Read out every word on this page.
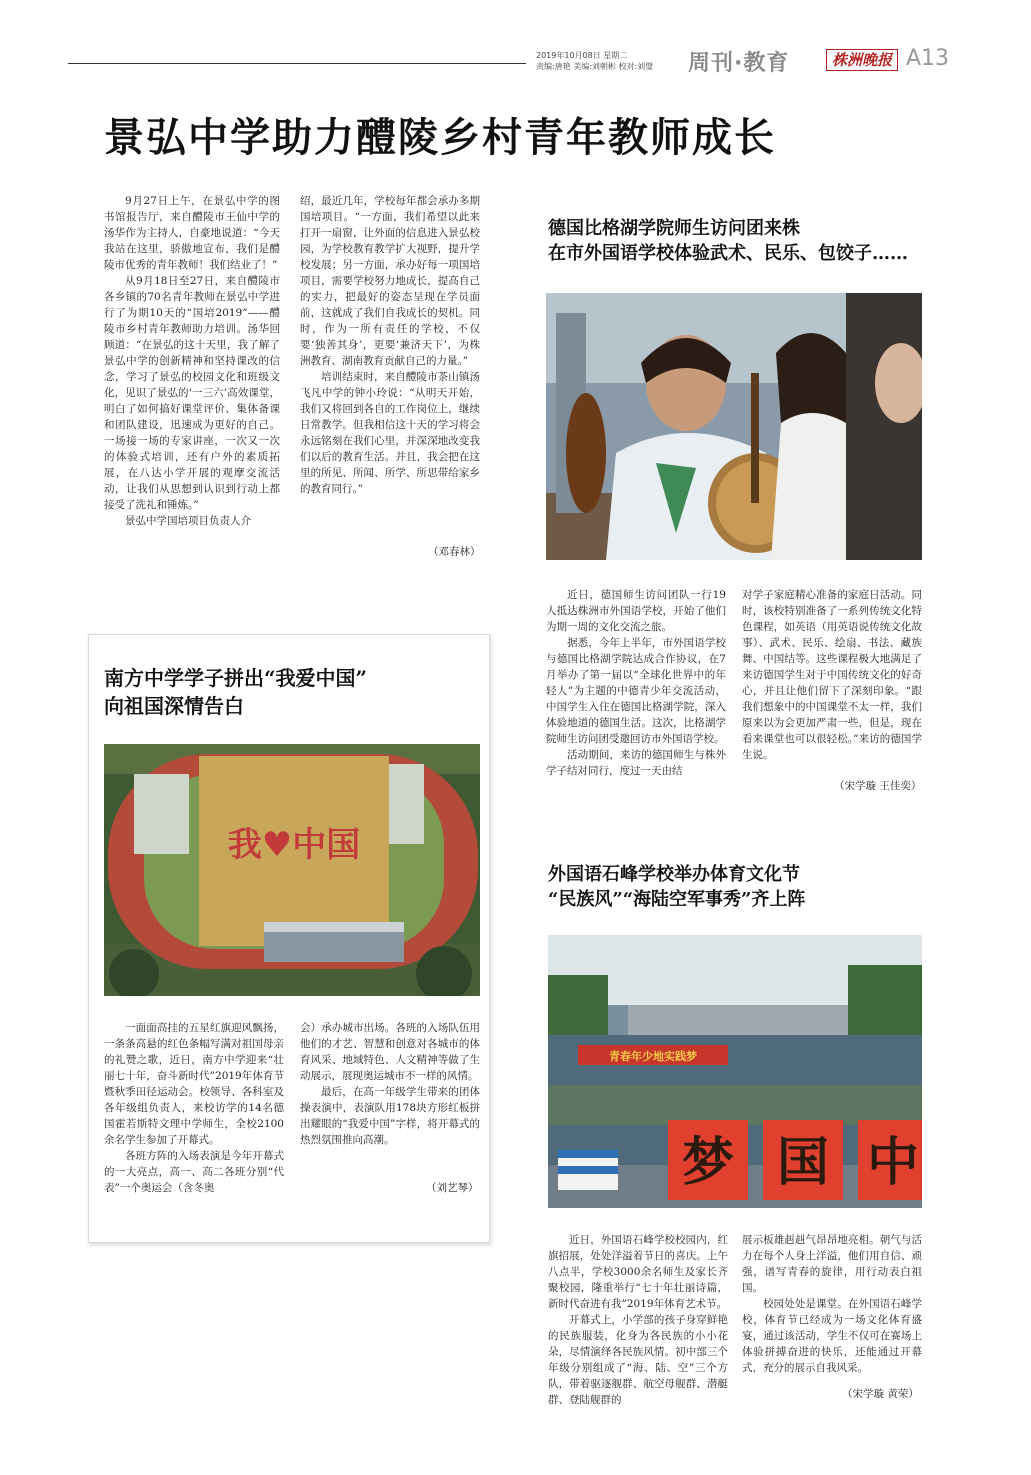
2019年10月08日 星期二
责编:唐艳 美编:刘朝彬 校对:刘璧	周刊·教育	株洲晚报 A13
景弘中学助力醴陵乡村青年教师成长

9月27日上午，在景弘中学的图书馆报告厅，来自醴陵市王仙中学的汤华作为主持人，自豪地说道：“今天我站在这里，骄傲地宣布，我们是醴陵市优秀的青年教师！我们结业了！”

从9月18日至27日，来自醴陵市各乡镇的70名青年教师在景弘中学进行了为期10天的“国培2019”——醴陵市乡村青年教师助力培训。汤华回顾道：“在景弘的这十天里，我了解了景弘中学的创新精神和坚持课改的信念，学习了景弘的校园文化和班级文化，见识了景弘的‘一三六’高效课堂，明白了如何搞好课堂评价、集体备课和团队建设，迅速成为更好的自己。一场接一场的专家讲座，一次又一次的体验式培训，还有户外的素质拓展，在八达小学开展的观摩交流活动，让我们从思想到认识到行动上都接受了洗礼和锤炼。”

景弘中学国培项目负责人介

绍，最近几年，学校每年都会承办多期国培项目。“一方面，我们希望以此来打开一扇窗，让外面的信息进入景弘校园，为学校教育教学扩大视野，提升学校发展；另一方面，承办好每一项国培项目，需要学校努力地成长，提高自己的实力，把最好的姿态呈现在学员面前，这就成了我们自我成长的契机。同时，作为一所有责任的学校，不仅要‘独善其身’，更要‘兼济天下’，为株洲教育、湖南教育贡献自己的力量。”

培训结束时，来自醴陵市茶山镇汤飞凡中学的钟小玲说：“从明天开始，我们又将回到各自的工作岗位上，继续日常教学。但我相信这十天的学习将会永远铭刻在我们心里，并深深地改变我们以后的教育生活。并且，我会把在这里的所见、所闻、所学、所思带给家乡的教育同行。”

（邓春林）
德国比格湖学院师生访问团来株
在市外国语学校体验武术、民乐、包饺子……

近日，德国师生访问团队一行19人抵达株洲市外国语学校，开始了他们为期一周的文化交流之旅。

据悉，今年上半年，市外国语学校与德国比格湖学院达成合作协议，在7月举办了第一届以“全球化世界中的年轻人”为主题的中德青少年交流活动，中国学生入住在德国比格湖学院，深入体验地道的德国生活。这次，比格湖学院师生访问团受邀回访市外国语学校。

活动期间，来访的德国师生与株外学子结对同行，度过一天由结

对学子家庭精心准备的家庭日活动。同时，该校特别准备了一系列传统文化特色课程，如英语（用英语说传统文化故事）、武术、民乐、绘扇、书法、藏族舞、中国结等。这些课程极大地满足了来访德国学生对于中国传统文化的好奇心，并且让他们留下了深刻印象。“跟我们想象中的中国课堂不太一样，我们原来以为会更加严肃一些，但是，现在看来课堂也可以很轻松。”来访的德国学生说。

（宋学璇 王佳奕）
南方中学学子拼出“我爱中国”
向祖国深情告白
我♥中国

一面面高挂的五星红旗迎风飘扬，一条条高悬的红色条幅写满对祖国母亲的礼赞之歌，近日，南方中学迎来“壮丽七十年，奋斗新时代”2019年体育节暨秋季田径运动会。校领导、各科室及各年级组负责人，来校访学的14名德国霍若斯特文理中学师生，全校2100余名学生参加了开幕式。

各班方阵的入场表演是今年开幕式的一大亮点，高一、高二各班分别“代表”一个奥运会（含冬奥

会）承办城市出场。各班的入场队伍用他们的才艺、智慧和创意对各城市的体育风采、地域特色、人文精神等做了生动展示，展现奥运城市不一样的风情。

最后，在高一年级学生带来的团体操表演中，表演队用178块方形红板拼出耀眼的“我爱中国”字样，将开幕式的热烈氛围推向高潮。

（刘艺琴）
外国语石峰学校举办体育文化节
“民族风”“海陆空军事秀”齐上阵
青春年少地实践梦
梦 国 中

近日，外国语石峰学校校园内，红旗招展，处处洋溢着节日的喜庆。上午八点半，学校3000余名师生及家长齐聚校园，隆重举行“七十年壮丽诗篇，新时代奋进有我”2019年体育艺术节。

开幕式上，小学部的孩子身穿鲜艳的民族服装，化身为各民族的小小花朵，尽情演绎各民族风情。初中部三个年级分别组成了“海、陆、空”三个方队，带着驱逐舰群、航空母舰群、潜艇群、登陆舰群的

展示板雄赳赳气昂昂地亮相。朝气与活力在每个人身上洋溢，他们用自信、顽强，谱写青春的旋律，用行动表白祖国。

校园处处是课堂。在外国语石峰学校，体育节已经成为一场文化体育盛宴，通过该活动，学生不仅可在赛场上体验拼搏奋进的快乐，还能通过开幕式，充分的展示自我风采。

（宋学璇 黄荣）
